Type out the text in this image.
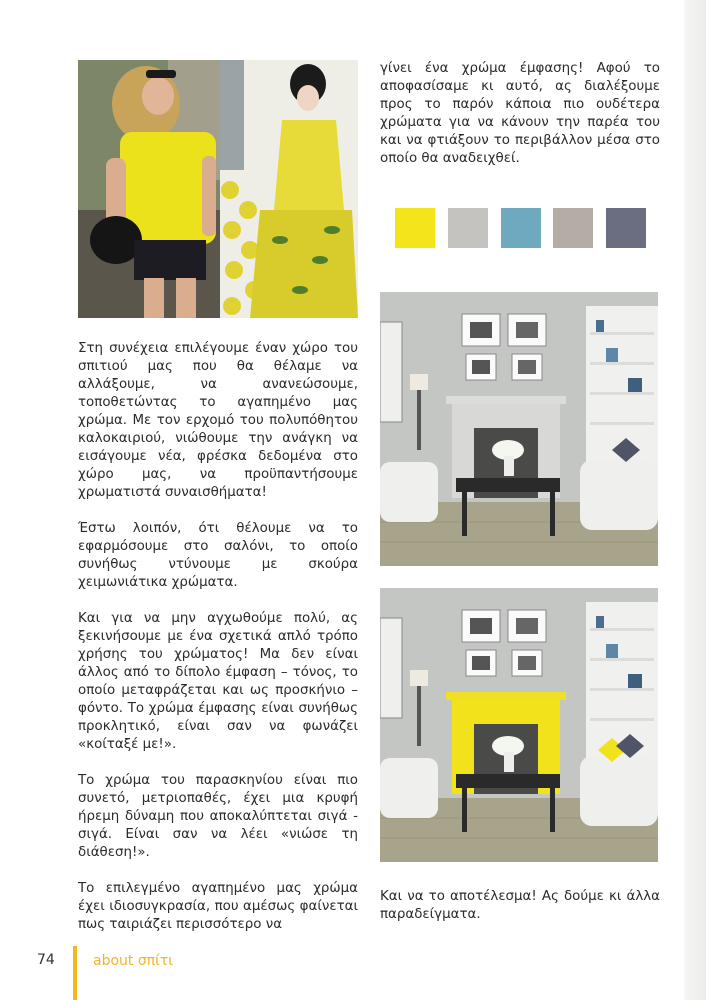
Στη συνέχεια επιλέγουμε έναν χώρο του σπιτιού μας που θα θέλαμε να αλλάξουμε, να ανανεώσουμε, τοποθετώντας το αγαπημένο μας χρώμα. Με τον ερχομό του πολυπόθητου καλοκαιριού, νιώθουμε την ανάγκη να εισάγουμε νέα, φρέσκα δεδομένα στο χώρο μας, να προϋπαντήσουμε χρωματιστά συναισθήματα!
Έστω λοιπόν, ότι θέλουμε να το εφαρμόσουμε στο σαλόνι, το οποίο συνήθως ντύνουμε με σκούρα χειμωνιάτικα χρώματα.
Και για να μην αγχωθούμε πολύ, ας ξεκινήσουμε με ένα σχετικά απλό τρόπο χρήσης του χρώματος! Μα δεν είναι άλλος από το δίπολο έμφαση – τόνος, το οποίο μεταφράζεται και ως προσκήνιο – φόντο. Το χρώμα έμφασης είναι συνήθως προκλητικό, είναι σαν να φωνάζει «κοίταξέ με!».
Το χρώμα του παρασκηνίου είναι πιο συνετό, μετριοπαθές, έχει μια κρυφή ήρεμη δύναμη που αποκαλύπτεται σιγά - σιγά. Είναι σαν να λέει «νιώσε τη διάθεση!».
Το επιλεγμένο αγαπημένο μας χρώμα έχει ιδιοσυγκρασία, που αμέσως φαίνεται πως ταιριάζει περισσότερο να
γίνει ένα χρώμα έμφασης! Αφού το αποφασίσαμε κι αυτό, ας διαλέξουμε προς το παρόν κάποια πιο ουδέτερα χρώματα για να κάνουν την παρέα του και να φτιάξουν το περιβάλλον μέσα στο οποίο θα αναδειχθεί.
Και να το αποτέλεσμα! Ας δούμε κι άλλα παραδείγματα.
74	about σπίτι
